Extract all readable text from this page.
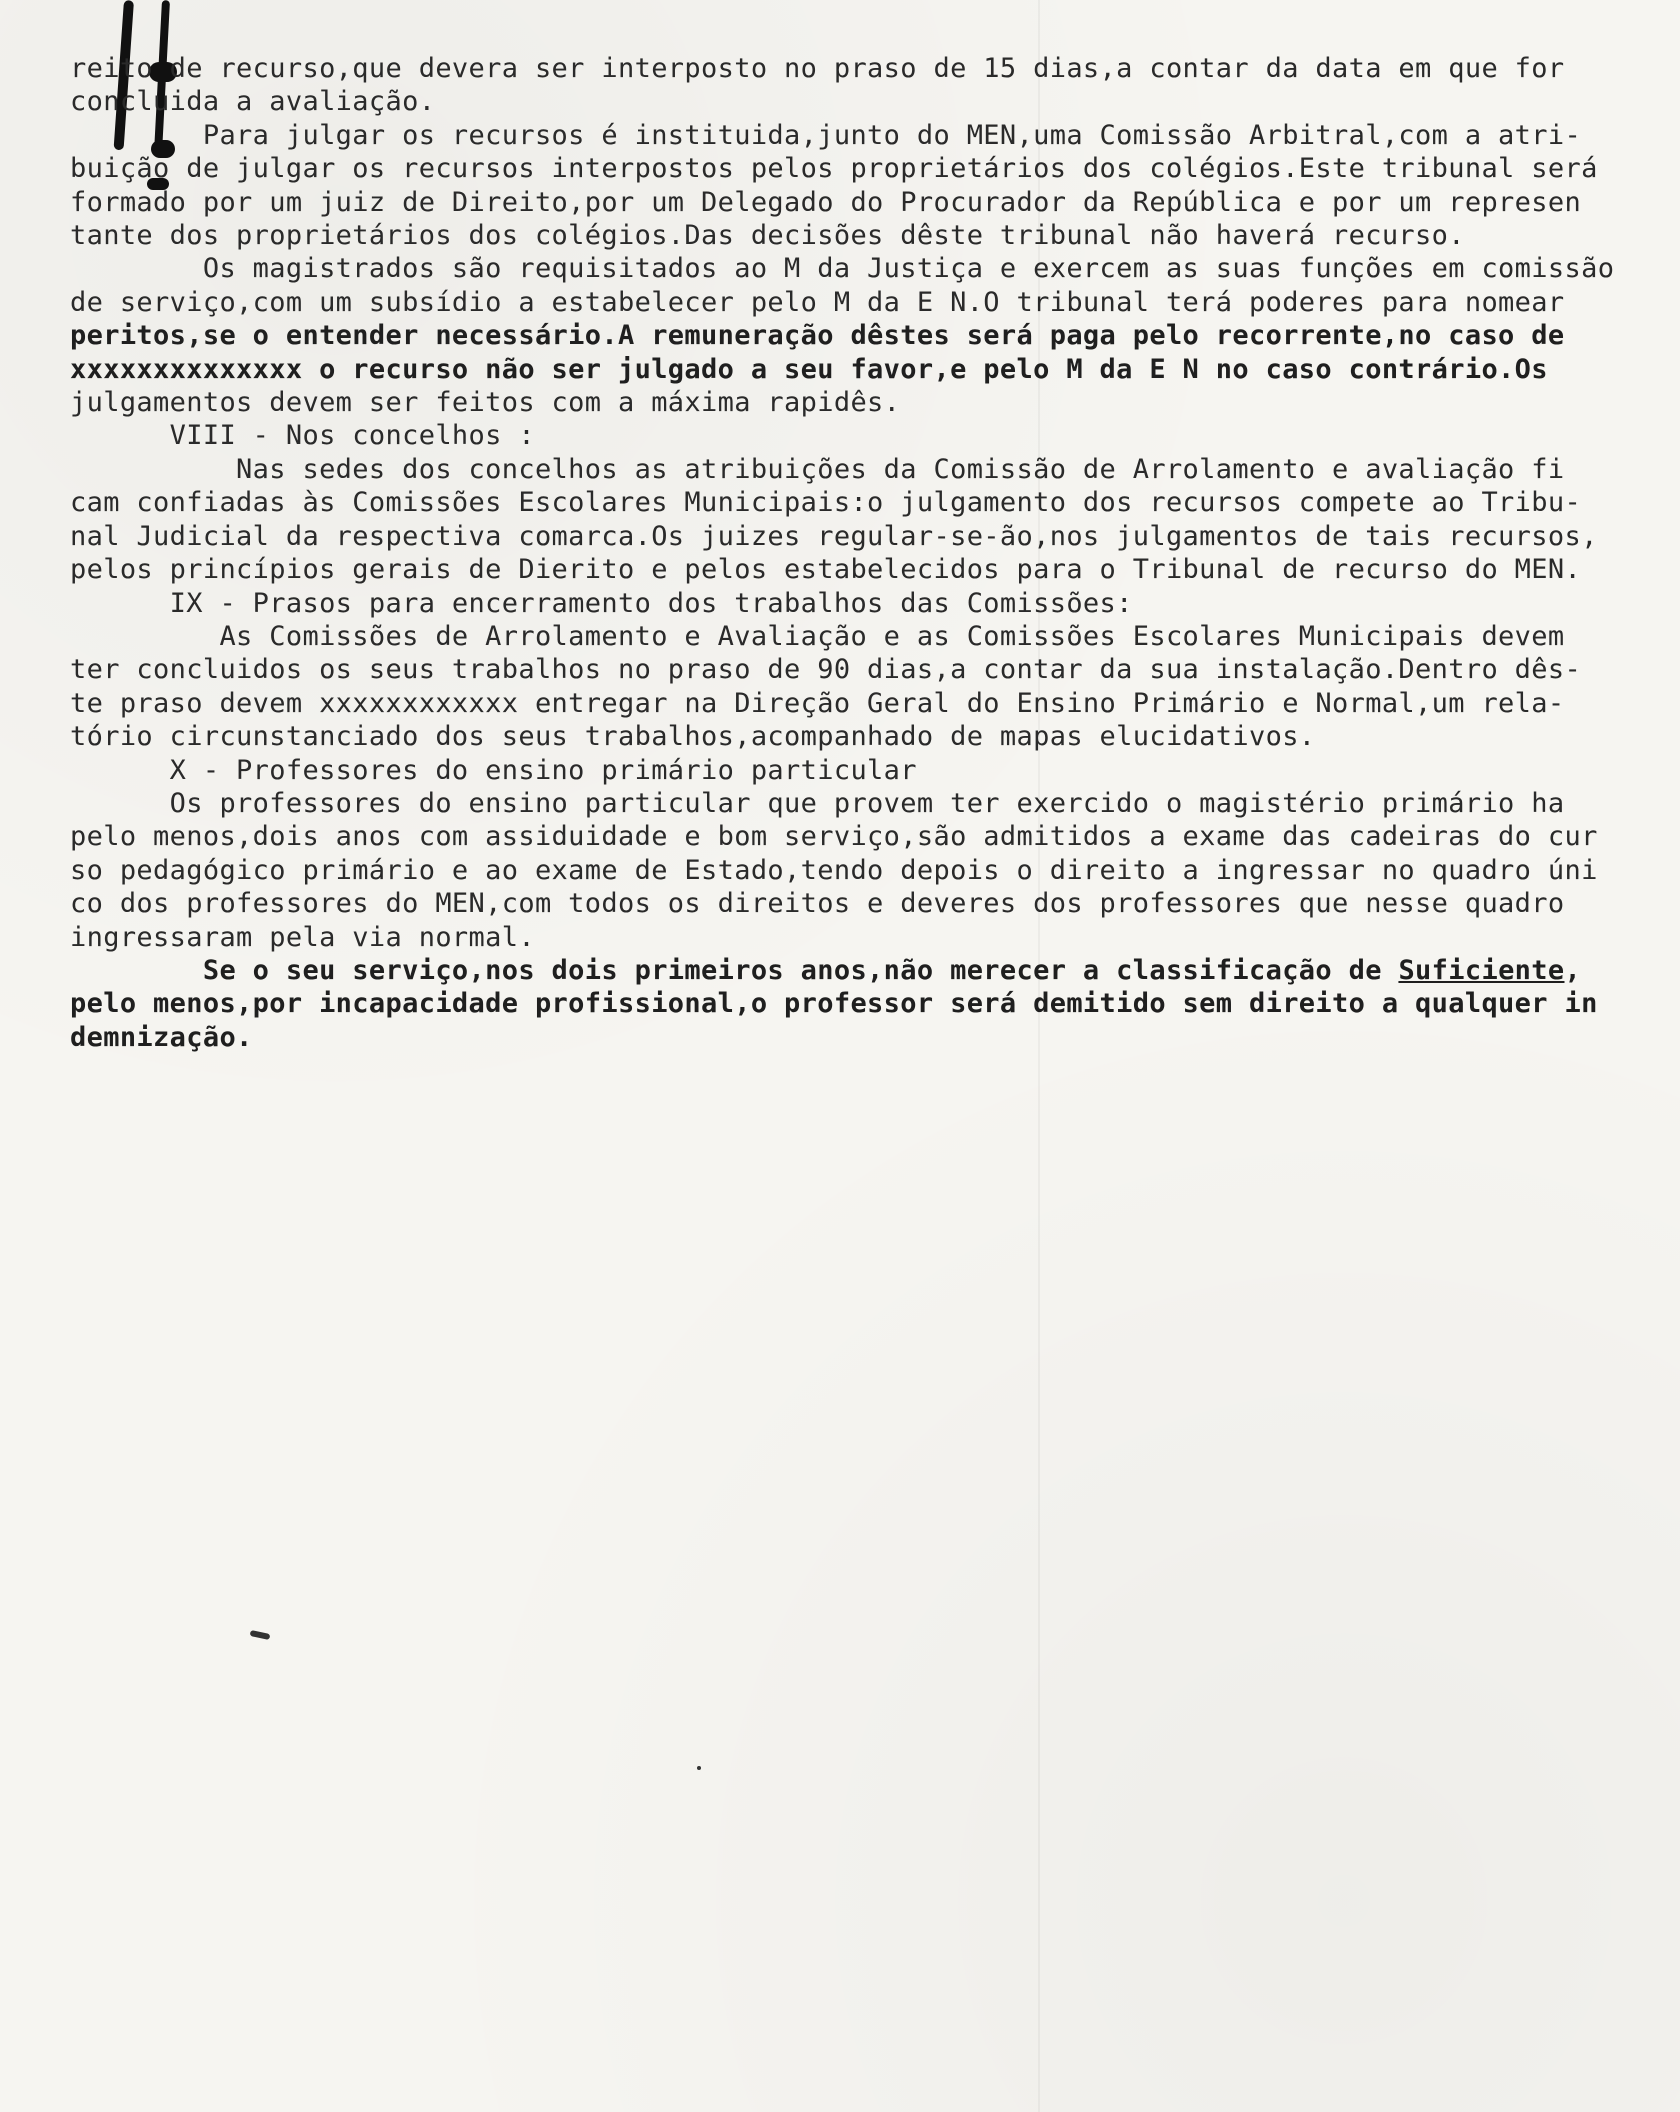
reito de recurso,que devera ser interposto no praso de 15 dias,a contar da data em que for
concluida a avaliação.
Para julgar os recursos é instituida,junto do MEN,uma Comissão Arbitral,com a atri-
buição de julgar os recursos interpostos pelos proprietários dos colégios.Este tribunal será
formado por um juiz de Direito,por um Delegado do Procurador da República e por um represen
tante dos proprietários dos colégios.Das decisões dêste tribunal não haverá recurso.
Os magistrados são requisitados ao M da Justiça e exercem as suas funções em comissão
de serviço,com um subsídio a estabelecer pelo M da E N.O tribunal terá poderes para nomear
peritos,se o entender necessário.A remuneração dêstes será paga pelo recorrente,no caso de
xxxxxxxxxxxxxx o recurso não ser julgado a seu favor,e pelo M da E N no caso contrário.Os
julgamentos devem ser feitos com a máxima rapidês.
VIII - Nos concelhos :
Nas sedes dos concelhos as atribuições da Comissão de Arrolamento e avaliação fi
cam confiadas às Comissões Escolares Municipais:o julgamento dos recursos compete ao Tribu-
nal Judicial da respectiva comarca.Os juizes regular-se-ão,nos julgamentos de tais recursos,
pelos princípios gerais de Dierito e pelos estabelecidos para o Tribunal de recurso do MEN.
IX - Prasos para encerramento dos trabalhos das Comissões:
As Comissões de Arrolamento e Avaliação e as Comissões Escolares Municipais devem
ter concluidos os seus trabalhos no praso de 90 dias,a contar da sua instalação.Dentro dês-
te praso devem xxxxxxxxxxxx entregar na Direção Geral do Ensino Primário e Normal,um rela-
tório circunstanciado dos seus trabalhos,acompanhado de mapas elucidativos.
X - Professores do ensino primário particular
Os professores do ensino particular que provem ter exercido o magistério primário ha
pelo menos,dois anos com assiduidade e bom serviço,são admitidos a exame das cadeiras do cur
so pedagógico primário e ao exame de Estado,tendo depois o direito a ingressar no quadro úni
co dos professores do MEN,com todos os direitos e deveres dos professores que nesse quadro
ingressaram pela via normal.
Se o seu serviço,nos dois primeiros anos,não merecer a classificação de Suficiente,
pelo menos,por incapacidade profissional,o professor será demitido sem direito a qualquer in
demnização.
